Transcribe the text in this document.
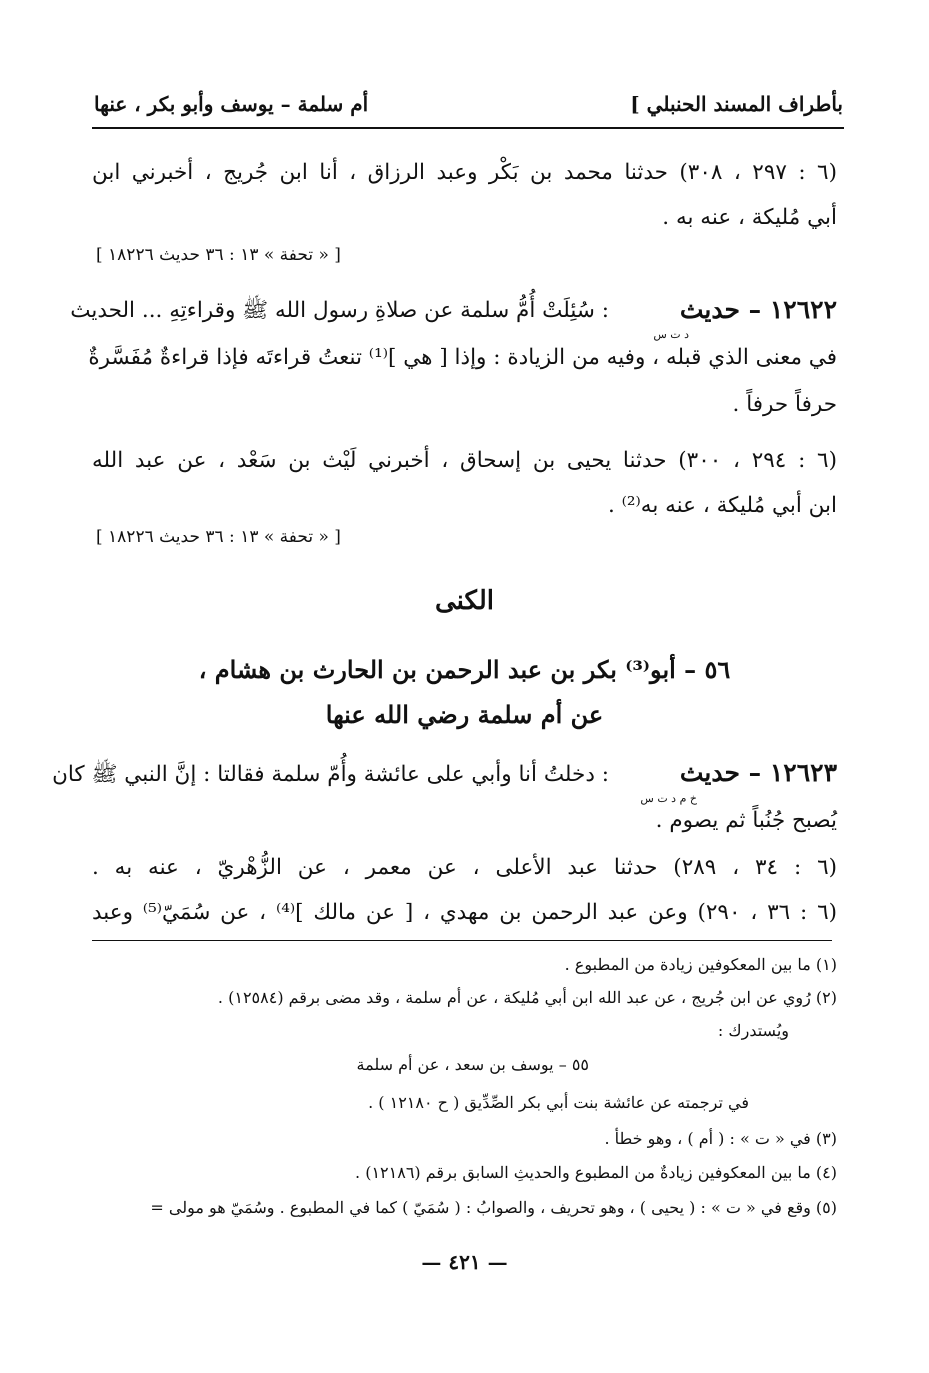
بأطراف المسند الحنبلي ]
أم سلمة – يوسف وأبو بكر ، عنها
(٦ : ٢٩٧ ، ٣٠٨) حدثنا محمد بن بَكْر وعبد الرزاق ، أنا ابن جُريج ، أخبرني ابن
أبي مُليكة ، عنه به .
[ « تحفة » ١٣ : ٣٦ حديث ١٨٢٢٦ ]
: سُئِلَتْ أُمُّ سلمة عن صلاةِ رسول الله ﷺ وقراءتِهِ ... الحديث	١٢٦٢٢ – حديث
د ت س
في معنى الذي قبله ، وفيه من الزيادة : وإذا [ هي ]⁽¹⁾ تنعتُ قراءتَه فإذا قراءةٌ مُفَسَّرةٌ
حرفاً حرفاً .
(٦ : ٢٩٤ ، ٣٠٠) حدثنا يحيى بن إسحاق ، أخبرني لَيْث بن سَعْد ، عن عبد الله
ابن أبي مُليكة ، عنه به⁽²⁾ .
[ « تحفة » ١٣ : ٣٦ حديث ١٨٢٢٦ ]
الكنى
٥٦ – أبو⁽³⁾ بكر بن عبد الرحمن بن الحارث بن هشام ،
عن أم سلمة رضي الله عنها
: دخلتُ أنا وأبي على عائشة وأُمّ سلمة فقالتا : إنَّ النبي ﷺ كان	١٢٦٢٣ – حديث
خ م د ت س
يُصبح جُنُباً ثم يصوم .
(٦ : ٣٤ ، ٢٨٩) حدثنا عبد الأعلى ، عن معمر ، عن الزُّهْريّ ، عنه به .
(٦ : ٣٦ ، ٢٩٠) وعن عبد الرحمن بن مهدي ، [ عن مالك ]⁽⁴⁾ ، عن سُمَيّ⁽⁵⁾ وعبد
(١) ما بين المعكوفين زيادة من المطبوع .
(٢) رُوي عن ابن جُريج ، عن عبد الله ابن أبي مُليكة ، عن أم سلمة ، وقد مضى برقم (١٢٥٨٤) .
ويُستدرك :
٥٥ – يوسف بن سعد ، عن أم سلمة
في ترجمته عن عائشة بنت أبي بكر الصِّدِّيق ( ح ١٢١٨٠ ) .
(٣) في « ت » : ( أم ) ، وهو خطأ .
(٤) ما بين المعكوفين زيادةٌ من المطبوع والحديثِ السابق برقم (١٢١٨٦) .
(٥) وقع في « ت » : ( يحيى ) ، وهو تحريف ، والصوابُ : ( سُمَيّ ) كما في المطبوع . وسُمَيّ هو مولى =
— ٤٢١ —
